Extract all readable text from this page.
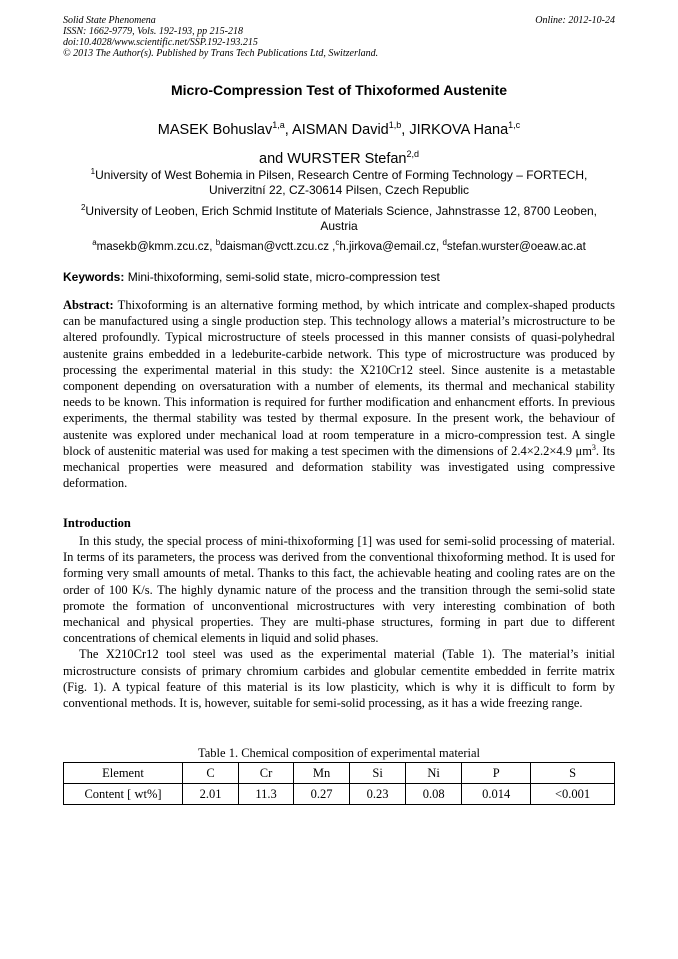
Solid State Phenomena	Online: 2012-10-24
ISSN: 1662-9779, Vols. 192-193, pp 215-218
doi:10.4028/www.scientific.net/SSP.192-193.215
© 2013 The Author(s). Published by Trans Tech Publications Ltd, Switzerland.
Micro-Compression Test of Thixoformed Austenite
MASEK Bohuslav$^{1,a}$, AISMAN David$^{1,b}$, JIRKOVA Hana$^{1,c}$
and WURSTER Stefan$^{2,d}$
$^1$University of West Bohemia in Pilsen, Research Centre of Forming Technology – FORTECH,
Univerzitní 22, CZ-30614 Pilsen, Czech Republic
$^2$University of Leoben, Erich Schmid Institute of Materials Science, Jahnstrasse 12, 8700 Leoben,
Austria
$^a$masekb@kmm.zcu.cz, $^b$daisman@vctt.zcu.cz ,$^c$h.jirkova@email.cz, $^d$stefan.wurster@oeaw.ac.at
Keywords: Mini-thixoforming, semi-solid state, micro-compression test
Abstract: Thixoforming is an alternative forming method, by which intricate and complex-shaped products can be manufactured using a single production step. This technology allows a material’s microstructure to be altered profoundly. Typical microstructure of steels processed in this manner consists of quasi-polyhedral austenite grains embedded in a ledeburite-carbide network. This type of microstructure was produced by processing the experimental material in this study: the X210Cr12 steel. Since austenite is a metastable component depending on oversaturation with a number of elements, its thermal and mechanical stability needs to be known. This information is required for further modification and enhancment efforts. In previous experiments, the thermal stability was tested by thermal exposure. In the present work, the behaviour of austenite was explored under mechanical load at room temperature in a micro-compression test. A single block of austenitic material was used for making a test specimen with the dimensions of 2.4×2.2×4.9 $\mu m^3$. Its mechanical properties were measured and deformation stability was investigated using compressive deformation.
Introduction

In this study, the special process of mini-thixoforming [1] was used for semi-solid processing of material. In terms of its parameters, the process was derived from the conventional thixoforming method. It is used for forming very small amounts of metal. Thanks to this fact, the achievable heating and cooling rates are on the order of 100 K/s. The highly dynamic nature of the process and the transition through the semi-solid state promote the formation of unconventional microstructures with very interesting combination of both mechanical and physical properties. They are multi-phase structures, forming in part due to different concentrations of chemical elements in liquid and solid phases.

The X210Cr12 tool steel was used as the experimental material (Table 1). The material’s initial microstructure consists of primary chromium carbides and globular cementite embedded in ferrite matrix (Fig. 1). A typical feature of this material is its low plasticity, which is why it is difficult to form by conventional methods. It is, however, suitable for semi-solid processing, as it has a wide freezing range.

Table 1. Chemical composition of experimental material
Element	C	Cr	Mn	Si	Ni	P	S
Content [ wt%]	2.01	11.3	0.27	0.23	0.08	0.014	<0.001
